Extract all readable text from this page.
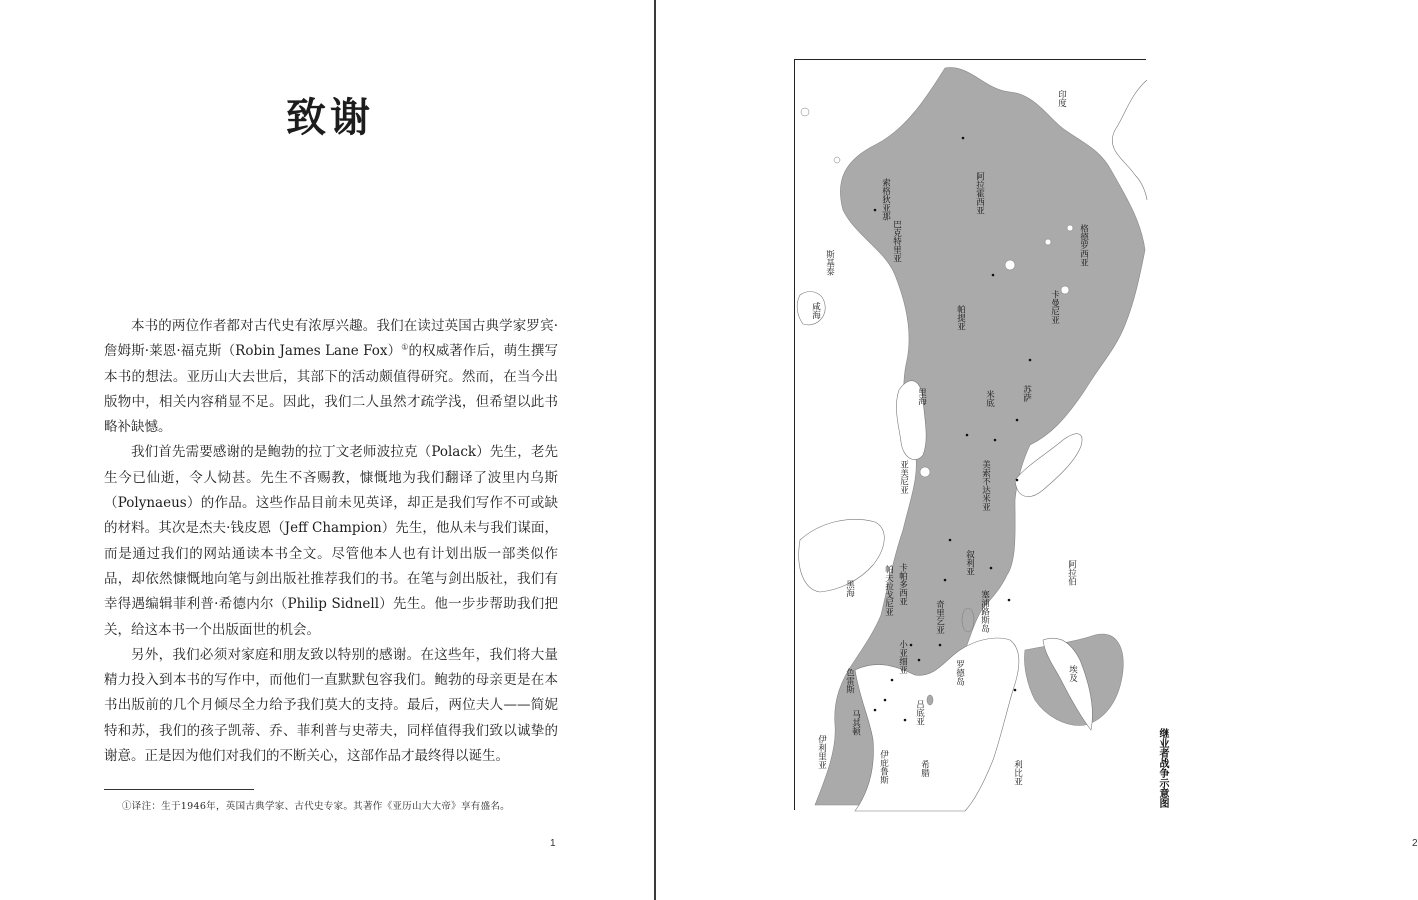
致谢

本书的两位作者都对古代史有浓厚兴趣。我们在读过英国古典学家罗宾·詹姆斯·莱恩·福克斯（Robin James Lane Fox）①的权威著作后，萌生撰写本书的想法。亚历山大去世后，其部下的活动颇值得研究。然而，在当今出版物中，相关内容稍显不足。因此，我们二人虽然才疏学浅，但希望以此书略补缺憾。

我们首先需要感谢的是鲍勃的拉丁文老师波拉克（Polack）先生，老先生今已仙逝，令人恸甚。先生不吝赐教，慷慨地为我们翻译了波里内乌斯（Polynaeus）的作品。这些作品目前未见英译，却正是我们写作不可或缺的材料。其次是杰夫·钱皮恩（Jeff Champion）先生，他从未与我们谋面，而是通过我们的网站通读本书全文。尽管他本人也有计划出版一部类似作品，却依然慷慨地向笔与剑出版社推荐我们的书。在笔与剑出版社，我们有幸得遇编辑菲利普·希德内尔（Philip Sidnell）先生。他一步步帮助我们把关，给这本书一个出版面世的机会。

另外，我们必须对家庭和朋友致以特别的感谢。在这些年，我们将大量精力投入到本书的写作中，而他们一直默默包容我们。鲍勃的母亲更是在本书出版前的几个月倾尽全力给予我们莫大的支持。最后，两位夫人——简妮特和苏，我们的孩子凯蒂、乔、菲利普与史蒂夫，同样值得我们致以诚挚的谢意。正是因为他们对我们的不断关心，这部作品才最终得以诞生。

①译注：生于1946年，英国古典学家、古代史专家。其著作《亚历山大大帝》享有盛名。
1	2
印度
斯基泰
巴克特里亚
索格狄亚那	阿拉霍西亚
格德罗西亚
帕提亚	卡曼尼亚
米底	苏萨
亚美尼亚	美索不达米亚
阿拉伯
叙利亚
埃及
利比亚
卡帕多西亚
帕夫拉戈尼亚
奇里乞亚	塞浦路斯岛
小亚细亚
吕底亚
罗德岛
色雷斯
马其顿
希腊
伊庇鲁斯
伊利里亚
黑海
里海
咸海
继业者战争示意图
